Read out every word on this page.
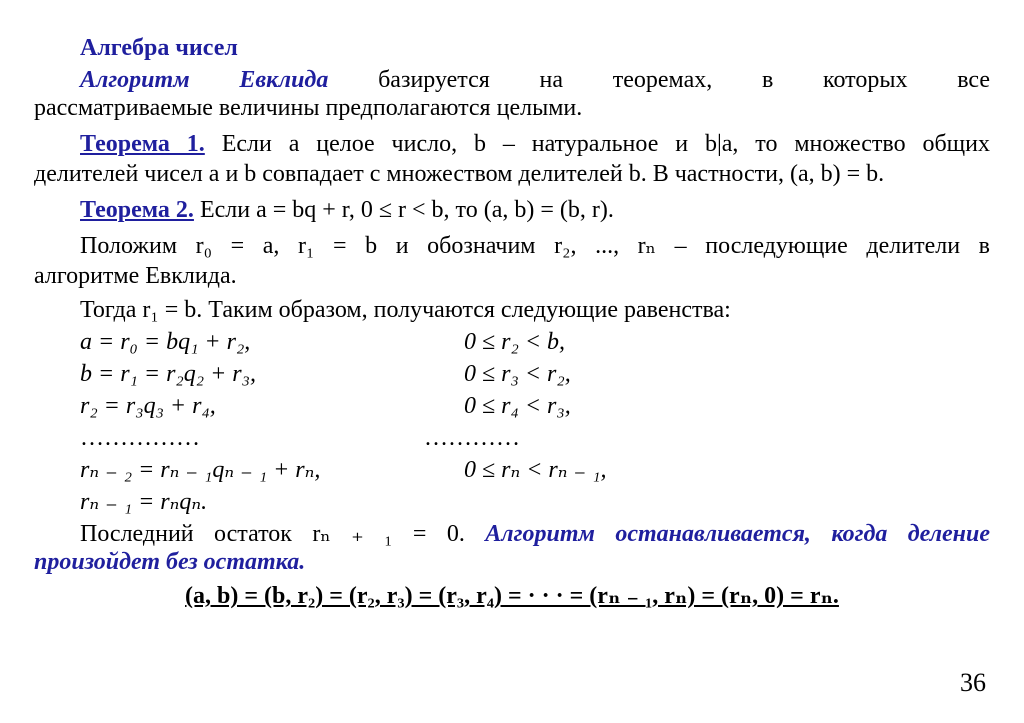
Алгебра чисел
Алгоритм Евклида базируется на теоремах, в которых все
рассматриваемые величины предполагаются целыми.
Теорема 1. Если a целое число, b – натуральное и b|a, то множество общих
делителей чисел a и b совпадает с множеством делителей b. В частности, (a, b) = b.
Теорема 2. Если a = bq + r, 0 ≤ r < b, то (a, b) = (b, r).
Положим r₀ = a, r₁ = b и обозначим r₂, ..., rₙ – последующие делители в
алгоритме Евклида.
Тогда r₁ = b. Таким образом, получаются следующие равенства:
a = r₀ = bq₁ + r₂,	0 ≤ r₂ < b,
b = r₁ = r₂q₂ + r₃,	0 ≤ r₃ < r₂,
r₂ = r₃q₃ + r₄,	0 ≤ r₄ < r₃,
……………	…………
rₙ ₋ ₂ = rₙ ₋ ₁qₙ ₋ ₁ + rₙ,	0 ≤ rₙ < rₙ ₋ ₁,
rₙ ₋ ₁ = rₙqₙ.
Последний остаток rₙ ₊ ₁ = 0. Алгоритм останавливается, когда деление
произойдет без остатка.
(a, b) = (b, r₂) = (r₂, r₃) = (r₃, r₄) = · · · = (rₙ ₋ ₁, rₙ) = (rₙ, 0) = rₙ.
36
